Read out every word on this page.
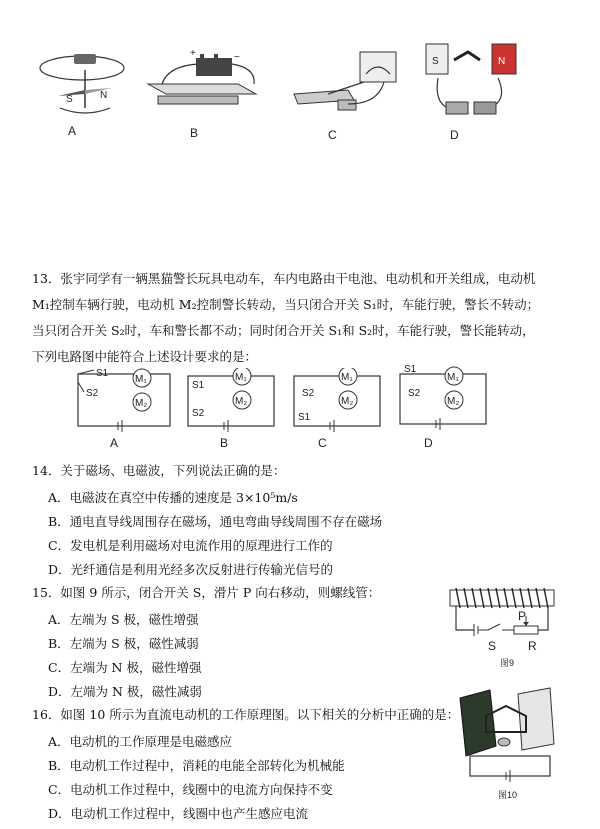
S	N
A
+	−
B	C
S	N
D
13．张宇同学有一辆黑猫警长玩具电动车，车内电路由干电池、电动机和开关组成，电动机
M₁控制车辆行驶，电动机 M₂控制警长转动，当只闭合开关 S₁时，车能行驶，警长不转动；
当只闭合开关 S₂时，车和警长都不动；同时闭合开关 S₁和 S₂时，车能行驶，警长能转动，
下列电路图中能符合上述设计要求的是：
S1
S2
M₁
M₂
A
S1
M₁
M₂
S2
B
M₁
S2
M₂
S1
C
S1
M₁
S2
M₂
D
14．关于磁场、电磁波，下列说法正确的是：
A．电磁波在真空中传播的速度是 3×10⁵m/s
B．通电直导线周围存在磁场，通电弯曲导线周围不存在磁场
C．发电机是利用磁场对电流作用的原理进行工作的
D．光纤通信是利用光经多次反射进行传输光信号的
15．如图 9 所示，闭合开关 S，滑片 P 向右移动，则螺线管：
A．左端为 S 极，磁性增强
B．左端为 S 极，磁性减弱
C．左端为 N 极，磁性增强
D．左端为 N 极，磁性减弱
P
S	R
图9
16．如图 10 所示为直流电动机的工作原理图。以下相关的分析中正确的是：
A．电动机的工作原理是电磁感应
B．电动机工作过程中，消耗的电能全部转化为机械能
C．电动机工作过程中，线圈中的电流方向保持不变
D．电动机工作过程中，线圈中也产生感应电流
图10
